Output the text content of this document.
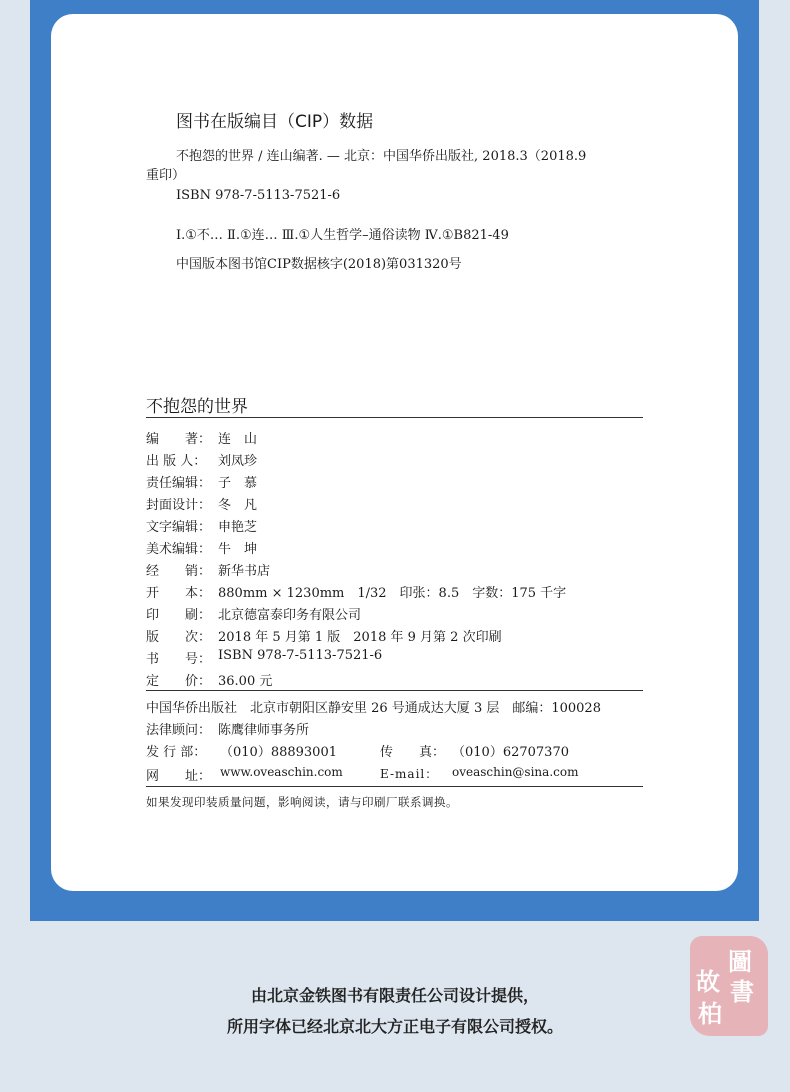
图书在版编目（CIP）数据
不抱怨的世界 / 连山编著. — 北京：中国华侨出版社, 2018.3（2018.9
重印）
ISBN 978-7-5113-7521-6
Ⅰ.①不… Ⅱ.①连… Ⅲ.①人生哲学–通俗读物 Ⅳ.①B821-49
中国版本图书馆CIP数据核字(2018)第031320号
不抱怨的世界
编　　著： 连　山
出 版 人： 刘凤珍
责任编辑： 子　慕
封面设计： 冬　凡
文字编辑： 申艳芝
美术编辑： 牛　坤
经　　销： 新华书店
开　　本： 880mm × 1230mm　1/32　印张：8.5　字数：175 千字
印　　刷： 北京德富泰印务有限公司
版　　次： 2018 年 5 月第 1 版　2018 年 9 月第 2 次印刷
书　　号： ISBN 978-7-5113-7521-6
定　　价： 36.00 元
中国华侨出版社　北京市朝阳区静安里 26 号通成达大厦 3 层　邮编：100028
法律顾问： 陈鹰律师事务所
发 行 部： （010）88893001	传　　真： （010）62707370
网　　址： www.oveaschin.com	E-mail： oveaschin@sina.com
如果发现印装质量问题，影响阅读，请与印刷厂联系调换。
由北京金铁图书有限责任公司设计提供，
所用字体已经北京北大方正电子有限公司授权。
圖
書
故
柏
